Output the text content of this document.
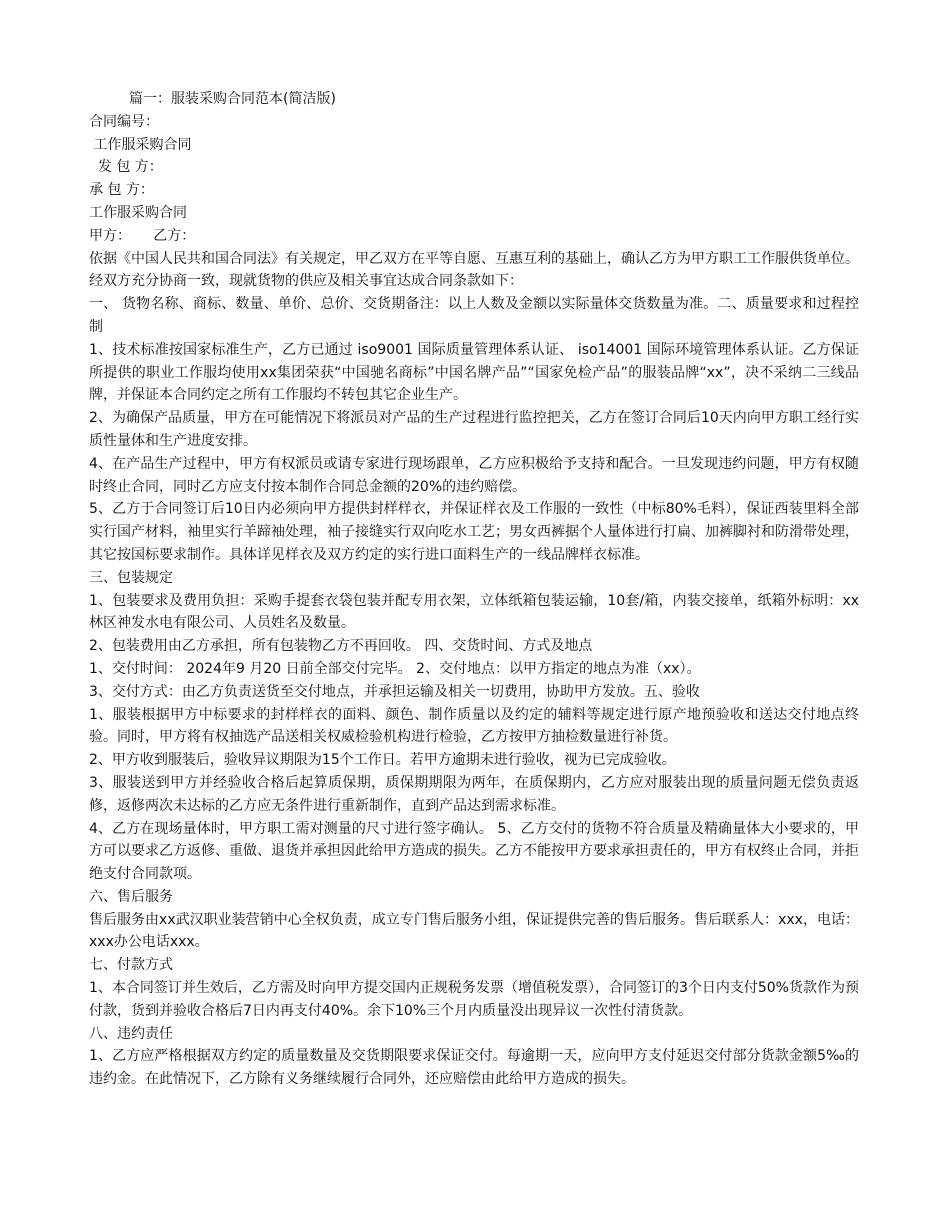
篇一：服装采购合同范本(简洁版)
合同编号：
工作服采购合同
发 包 方：
承 包 方：
工作服采购合同
甲方：     乙方：
依据《中国人民共和国合同法》有关规定，甲乙双方在平等自愿、互惠互利的基础上，确认乙方为甲方职工工作服供货单位。经双方充分协商一致，现就货物的供应及相关事宜达成合同条款如下：
一、 货物名称、商标、数量、单价、总价、交货期备注：以上人数及金额以实际量体交货数量为准。二、质量要求和过程控制
1、技术标准按国家标准生产，乙方已通过 iso9001 国际质量管理体系认证、 iso14001 国际环境管理体系认证。乙方保证所提供的职业工作服均使用xx集团荣获“中国驰名商标”中国名牌产品”“国家免检产品”的服装品牌“xx”，决不采纳二三线品牌，并保证本合同约定之所有工作服均不转包其它企业生产。
2、为确保产品质量，甲方在可能情况下将派员对产品的生产过程进行监控把关，乙方在签订合同后10天内向甲方职工经行实质性量体和生产进度安排。
4、在产品生产过程中，甲方有权派员或请专家进行现场跟单，乙方应积极给予支持和配合。一旦发现违约问题，甲方有权随时终止合同，同时乙方应支付按本制作合同总金额的20%的违约赔偿。
5、乙方于合同签订后10日内必须向甲方提供封样样衣，并保证样衣及工作服的一致性（中标80%毛料），保证西装里料全部实行国产材料，袖里实行羊蹄袖处理，袖子接缝实行双向吃水工艺；男女西裤据个人量体进行打扁、加裤脚衬和防滑带处理，其它按国标要求制作。具体详见样衣及双方约定的实行进口面料生产的一线品牌样衣标准。
三、包装规定
1、包装要求及费用负担：采购手提套衣袋包装并配专用衣架，立体纸箱包装运输，10套/箱，内装交接单，纸箱外标明：xx林区神发水电有限公司、人员姓名及数量。
2、包装费用由乙方承担，所有包装物乙方不再回收。 四、交货时间、方式及地点
1、交付时间： 2024年9 月20 日前全部交付完毕。 2、交付地点：以甲方指定的地点为准（xx）。
3、交付方式：由乙方负责送货至交付地点，并承担运输及相关一切费用，协助甲方发放。五、验收
1、服装根据甲方中标要求的封样样衣的面料、颜色、制作质量以及约定的辅料等规定进行原产地预验收和送达交付地点终验。同时，甲方将有权抽选产品送相关权威检验机构进行检验，乙方按甲方抽检数量进行补货。
2、甲方收到服装后，验收异议期限为15个工作日。若甲方逾期未进行验收，视为已完成验收。
3、服装送到甲方并经验收合格后起算质保期，质保期期限为两年，在质保期内，乙方应对服装出现的质量问题无偿负责返修，返修两次未达标的乙方应无条件进行重新制作，直到产品达到需求标准。
4、乙方在现场量体时，甲方职工需对测量的尺寸进行签字确认。 5、乙方交付的货物不符合质量及精确量体大小要求的，甲方可以要求乙方返修、重做、退货并承担因此给甲方造成的损失。乙方不能按甲方要求承担责任的，甲方有权终止合同，并拒绝支付合同款项。
六、售后服务
售后服务由xx武汉职业装营销中心全权负责，成立专门售后服务小组，保证提供完善的售后服务。售后联系人：xxx，电话：xxx办公电话xxx。
七、付款方式
1、本合同签订并生效后，乙方需及时向甲方提交国内正规税务发票（增值税发票），合同签订的3个日内支付50%货款作为预付款，货到并验收合格后7日内再支付40%。余下10%三个月内质量没出现异议一次性付清货款。
八、违约责任
1、乙方应严格根据双方约定的质量数量及交货期限要求保证交付。每逾期一天，应向甲方支付延迟交付部分货款金额5‰的违约金。在此情况下，乙方除有义务继续履行合同外，还应赔偿由此给甲方造成的损失。
